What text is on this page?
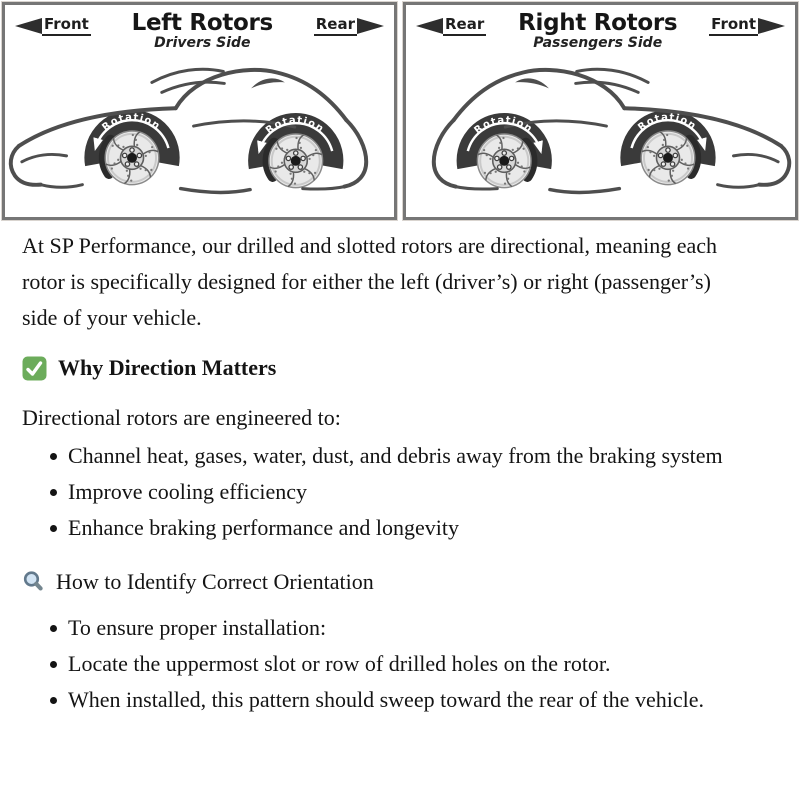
Front Left Rotors
Drivers Side
Rear
Rotation	Rotation
Rear Right Rotors
Passengers Side
Front
Rotation
Rotation

At SP Performance, our drilled and slotted rotors are directional, meaning each rotor is specifically designed for either the left (driver’s) or right (passenger’s) side of your vehicle.

Why Direction Matters

Directional rotors are engineered to:

Channel heat, gases, water, dust, and debris away from the braking system
Improve cooling efficiency
Enhance braking performance and longevity
How to Identify Correct Orientation
To ensure proper installation:
Locate the uppermost slot or row of drilled holes on the rotor.
When installed, this pattern should sweep toward the rear of the vehicle.
